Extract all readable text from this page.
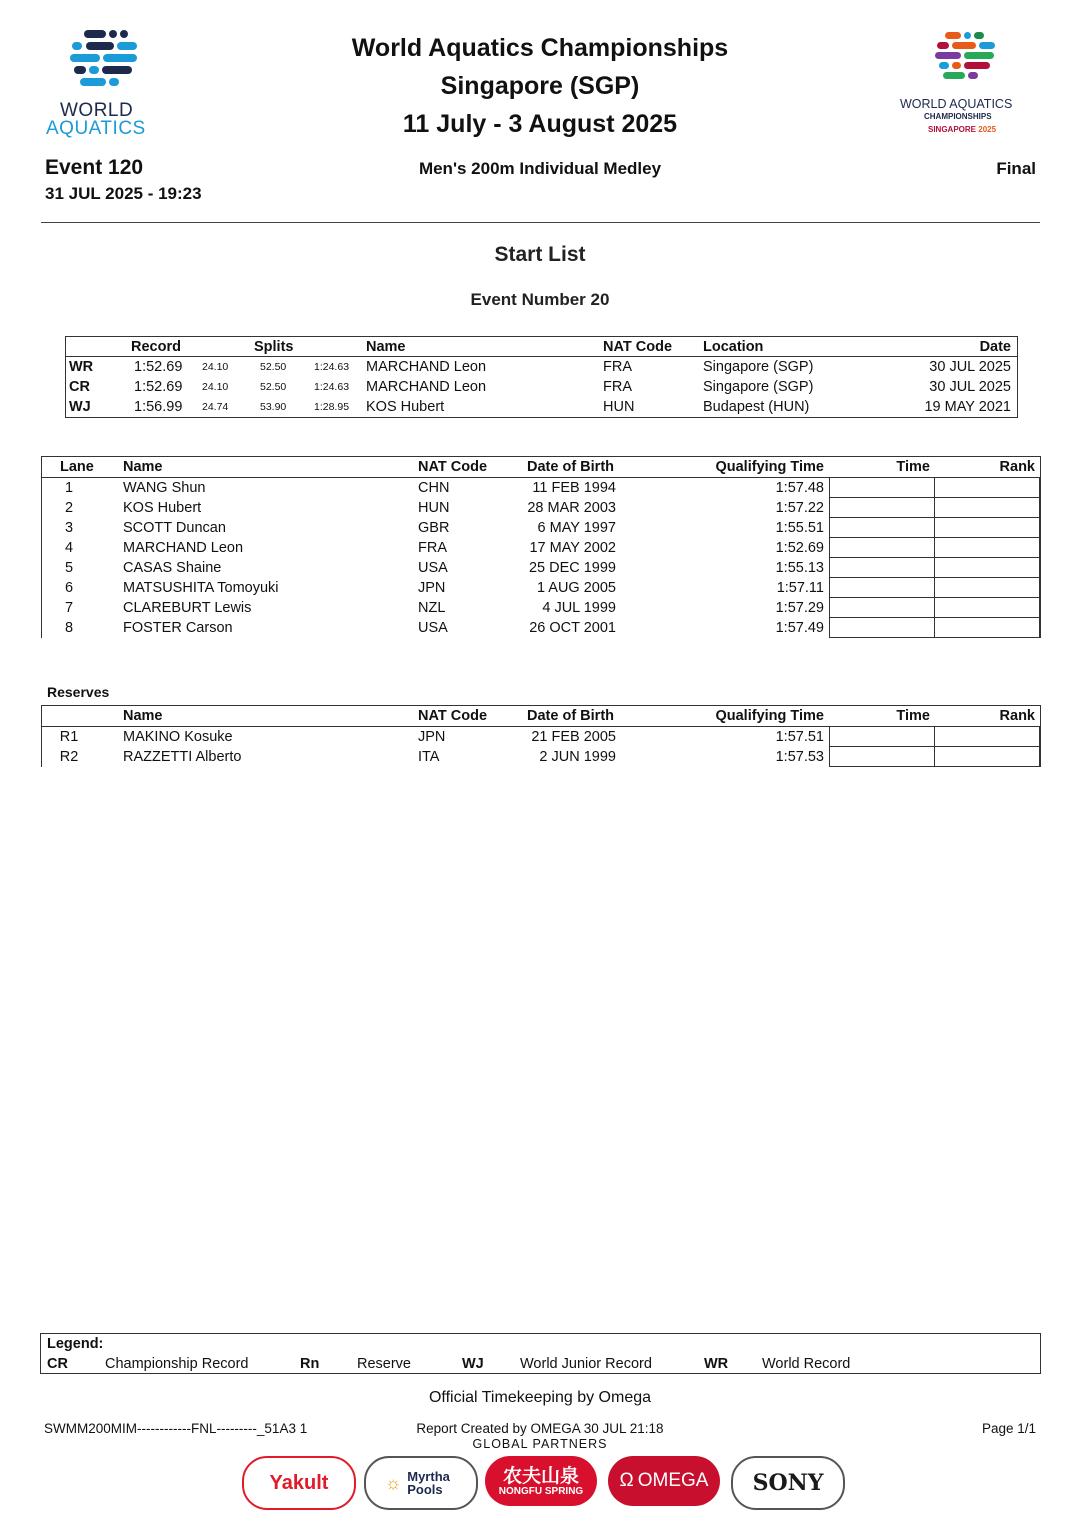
WORLD
AQUATICS
World Aquatics Championships
Singapore (SGP)
11 July - 3 August 2025
WORLD AQUATICS
CHAMPIONSHIPS
SINGAPORE 2025
Event 120
31 JUL 2025 - 19:23
Men's 200m Individual Medley	Final
Start List
Event Number 20
Record	Splits	Name	NAT Code Location	Date
WR	1:52.69 24.10	52.50	1:24.63 MARCHAND Leon	FRA	Singapore (SGP)	30 JUL 2025
CR	1:52.69 24.10	52.50	1:24.63 MARCHAND Leon	FRA	Singapore (SGP)	30 JUL 2025
WJ	1:56.99 24.74	53.90	1:28.95 KOS Hubert	HUN	Budapest (HUN)	19 MAY 2021
Lane Name	NAT Code	Date of Birth	Qualifying Time	Time	Rank
1	WANG Shun	CHN	11 FEB 1994	1:57.48
2	KOS Hubert	HUN	28 MAR 2003	1:57.22
3	SCOTT Duncan	GBR	6 MAY 1997	1:55.51
4	MARCHAND Leon	FRA	17 MAY 2002	1:52.69
5	CASAS Shaine	USA	25 DEC 1999	1:55.13
6	MATSUSHITA Tomoyuki	JPN	1 AUG 2005	1:57.11
7	CLAREBURT Lewis	NZL	4 JUL 1999	1:57.29
8	FOSTER Carson	USA	26 OCT 2001	1:57.49
Reserves
Name	NAT Code	Date of Birth	Qualifying Time	Time	Rank
R1	MAKINO Kosuke	JPN	21 FEB 2005	1:57.51
R2	RAZZETTI Alberto	ITA	2 JUN 1999	1:57.53
Legend:
CR	Championship Record	Rn	Reserve	WJ	World Junior Record	WR World Record
Official Timekeeping by Omega
SWMM200MIM------------FNL---------_51A3 1	Report Created by OMEGA 30 JUL 21:18	Page 1/1
GLOBAL PARTNERS
Yakult	☼ Myrtha Pools
农夫山泉
NONGFU SPRING Ω OMEGA SONY
